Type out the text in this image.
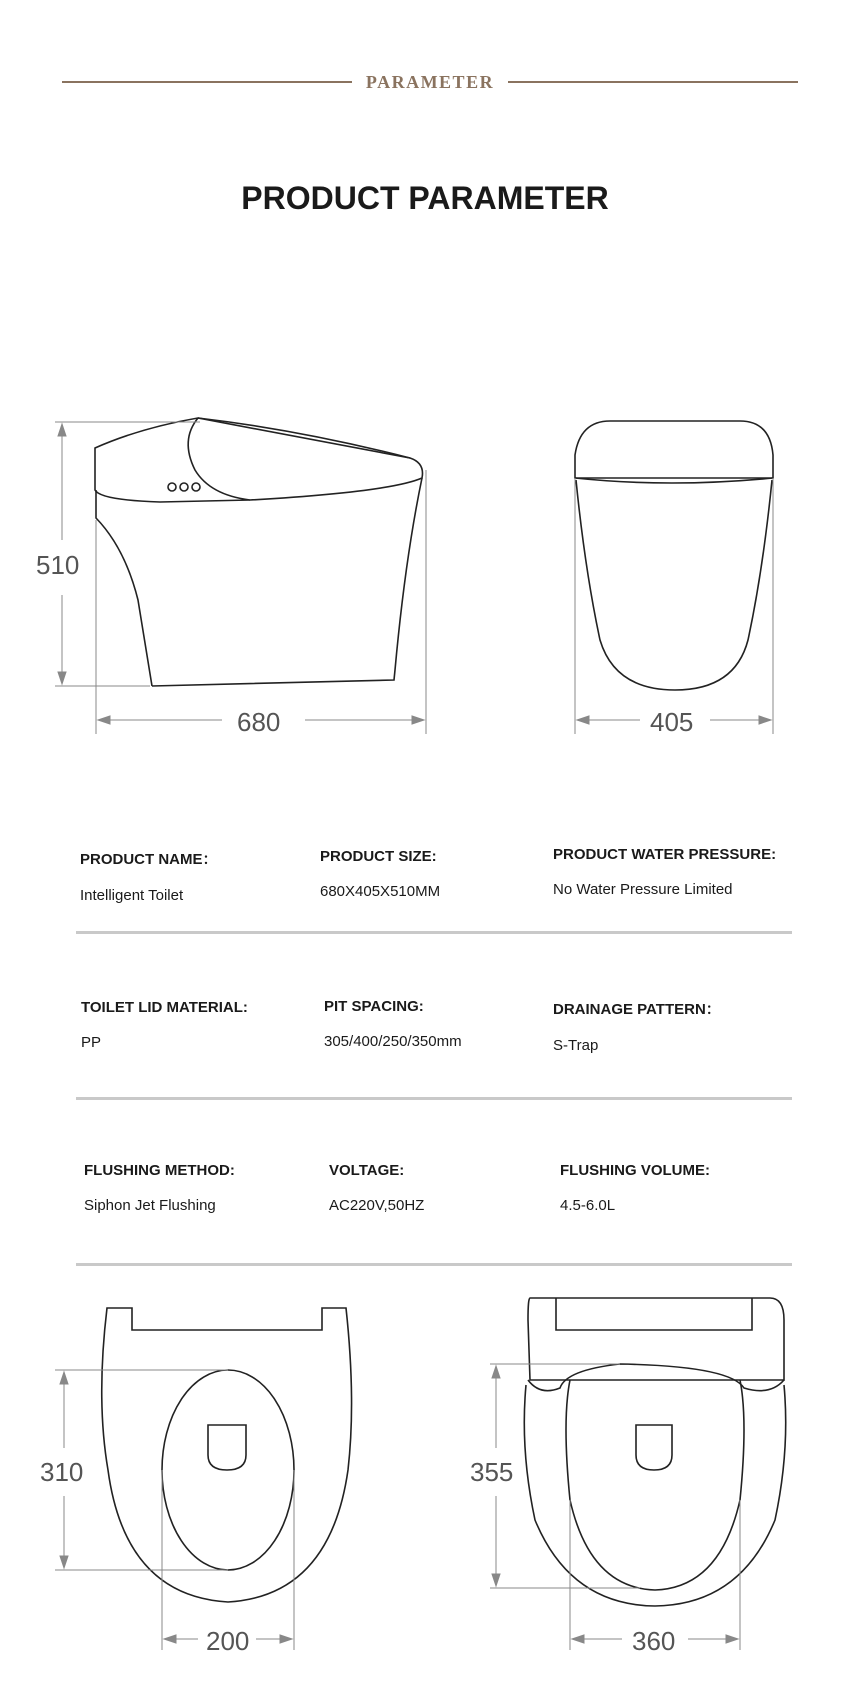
PARAMETER
PRODUCT PARAMETER
510
680	405
PRODUCT NAME：
Intelligent Toilet
PRODUCT SIZE:
680X405X510MM
PRODUCT WATER PRESSURE:
No Water Pressure Limited
TOILET LID MATERIAL:
PP
PIT SPACING:
305/400/250/350mm
DRAINAGE PATTERN：
S-Trap
FLUSHING METHOD:
Siphon Jet Flushing
VOLTAGE:
AC220V,50HZ
FLUSHING VOLUME:
4.5-6.0L
310
200
355
360
